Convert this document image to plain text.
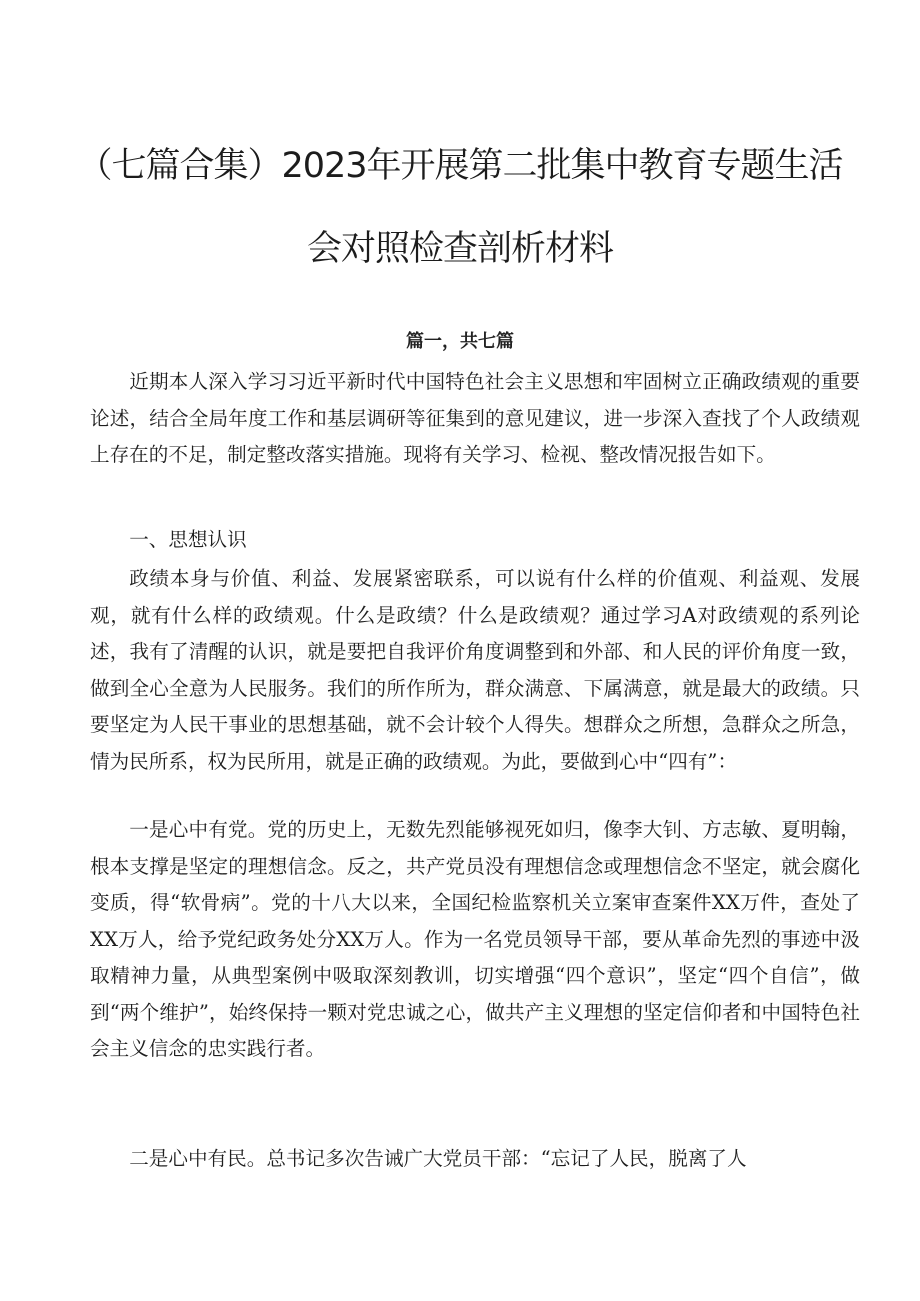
（七篇合集）2023年开展第二批集中教育专题生活
会对照检查剖析材料
篇一，共七篇

近期本人深入学习习近平新时代中国特色社会主义思想和牢固树立正确政绩观的重要论述，结合全局年度工作和基层调研等征集到的意见建议，进一步深入查找了个人政绩观上存在的不足，制定整改落实措施。现将有关学习、检视、整改情况报告如下。

一、思想认识

政绩本身与价值、利益、发展紧密联系，可以说有什么样的价值观、利益观、发展观，就有什么样的政绩观。什么是政绩？什么是政绩观？通过学习A对政绩观的系列论述，我有了清醒的认识，就是要把自我评价角度调整到和外部、和人民的评价角度一致，做到全心全意为人民服务。我们的所作所为，群众满意、下属满意，就是最大的政绩。只要坚定为人民干事业的思想基础，就不会计较个人得失。想群众之所想，急群众之所急，情为民所系，权为民所用，就是正确的政绩观。为此，要做到心中“四有”：

一是心中有党。党的历史上，无数先烈能够视死如归，像李大钊、方志敏、夏明翰，根本支撑是坚定的理想信念。反之，共产党员没有理想信念或理想信念不坚定，就会腐化变质，得“软骨病”。党的十八大以来，全国纪检监察机关立案审查案件XX万件，查处了XX万人，给予党纪政务处分XX万人。作为一名党员领导干部，要从革命先烈的事迹中汲取精神力量，从典型案例中吸取深刻教训，切实增强“四个意识”，坚定“四个自信”，做到“两个维护”，始终保持一颗对党忠诚之心，做共产主义理想的坚定信仰者和中国特色社会主义信念的忠实践行者。

二是心中有民。总书记多次告诫广大党员干部：“忘记了人民，脱离了人
